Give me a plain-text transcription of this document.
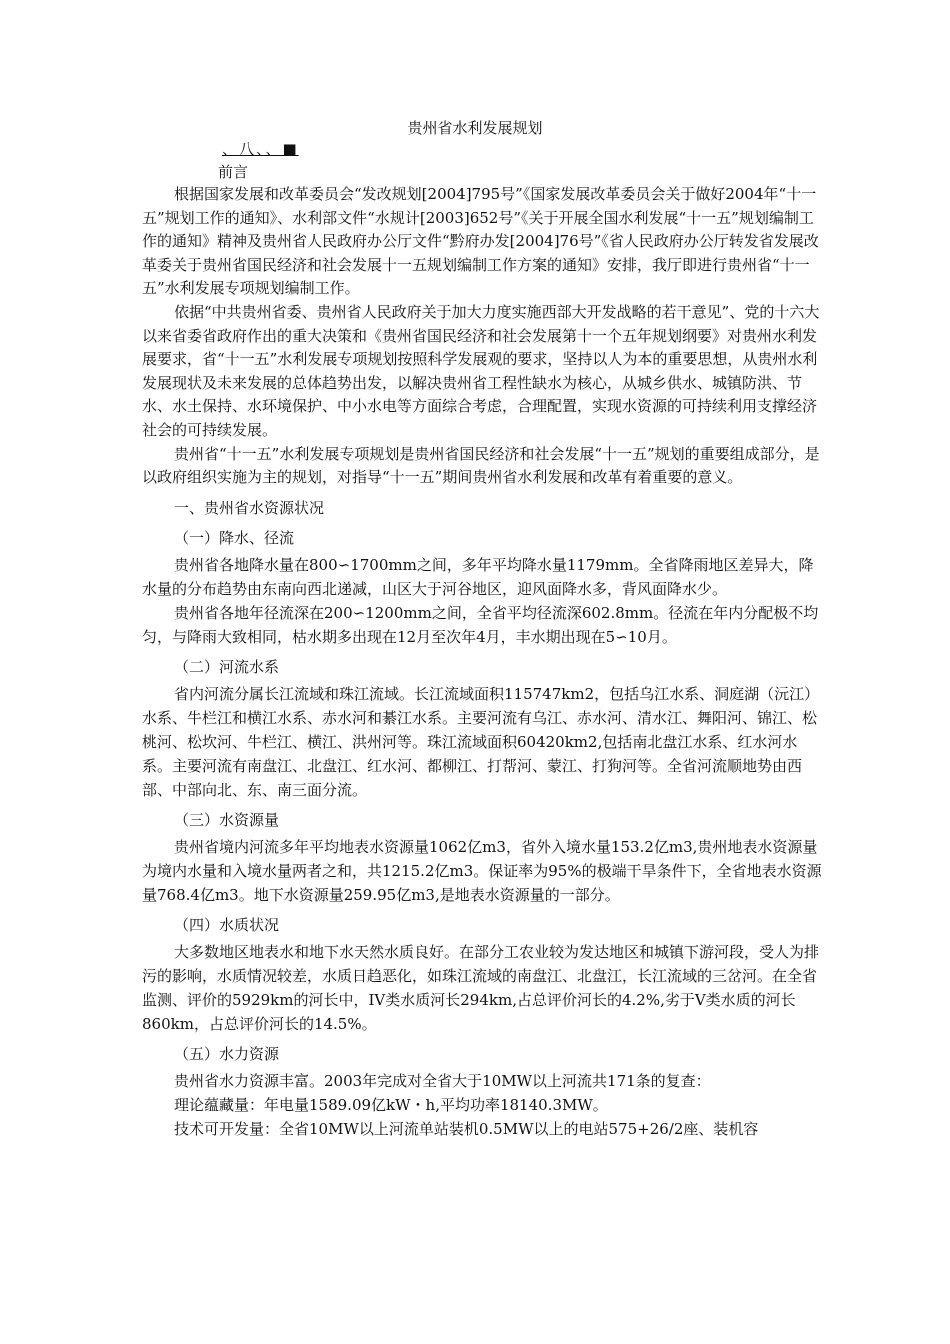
贵州省水利发展规划
、八、、■
前言

根据国家发展和改革委员会“发改规划[2004]795号”《国家发展改革委员会关于做好2004年“十一五”规划工作的通知》、水利部文件“水规计[2003]652号”《关于开展全国水利发展“十一五”规划编制工作的通知》精神及贵州省人民政府办公厅文件“黔府办发[2004]76号”《省人民政府办公厅转发省发展改革委关于贵州省国民经济和社会发展十一五规划编制工作方案的通知》安排，我厅即进行贵州省“十一五”水利发展专项规划编制工作。

依据“中共贵州省委、贵州省人民政府关于加大力度实施西部大开发战略的若干意见”、党的十六大以来省委省政府作出的重大决策和《贵州省国民经济和社会发展第十一个五年规划纲要》对贵州水利发展要求，省“十一五”水利发展专项规划按照科学发展观的要求，坚持以人为本的重要思想，从贵州水利发展现状及未来发展的总体趋势出发，以解决贵州省工程性缺水为核心，从城乡供水、城镇防洪、节水、水土保持、水环境保护、中小水电等方面综合考虑，合理配置，实现水资源的可持续利用支撑经济社会的可持续发展。

贵州省“十一五”水利发展专项规划是贵州省国民经济和社会发展“十一五”规划的重要组成部分，是以政府组织实施为主的规划，对指导“十一五”期间贵州省水利发展和改革有着重要的意义。

一、贵州省水资源状况

（一）降水、径流

贵州省各地降水量在800∽1700mm之间，多年平均降水量1179mm。全省降雨地区差异大，降水量的分布趋势由东南向西北递减，山区大于河谷地区，迎风面降水多，背风面降水少。

贵州省各地年径流深在200∽1200mm之间，全省平均径流深602.8mm。径流在年内分配极不均匀，与降雨大致相同，枯水期多出现在12月至次年4月，丰水期出现在5∽10月。

（二）河流水系

省内河流分属长江流域和珠江流域。长江流域面积115747km2，包括乌江水系、洞庭湖（沅江）水系、牛栏江和横江水系、赤水河和綦江水系。主要河流有乌江、赤水河、清水江、舞阳河、锦江、松桃河、松坎河、牛栏江、横江、洪州河等。珠江流域面积60420km2,包括南北盘江水系、红水河水系。主要河流有南盘江、北盘江、红水河、都柳江、打帮河、蒙江、打狗河等。全省河流顺地势由西部、中部向北、东、南三面分流。

（三）水资源量

贵州省境内河流多年平均地表水资源量1062亿m3，省外入境水量153.2亿m3,贵州地表水资源量为境内水量和入境水量两者之和，共1215.2亿m3。保证率为95%的极端干旱条件下，全省地表水资源量768.4亿m3。地下水资源量259.95亿m3,是地表水资源量的一部分。

（四）水质状况

大多数地区地表水和地下水天然水质良好。在部分工农业较为发达地区和城镇下游河段，受人为排污的影响，水质情况较差，水质日趋恶化，如珠江流域的南盘江、北盘江，长江流域的三岔河。在全省监测、评价的5929km的河长中，IV类水质河长294km,占总评价河长的4.2%,劣于V类水质的河长860km，占总评价河长的14.5%。

（五）水力资源

贵州省水力资源丰富。2003年完成对全省大于10MW以上河流共171条的复查：

理论蕴藏量：年电量1589.09亿kW・h,平均功率18140.3MW。

技术可开发量：全省10MW以上河流单站装机0.5MW以上的电站575+26/2座、装机容
